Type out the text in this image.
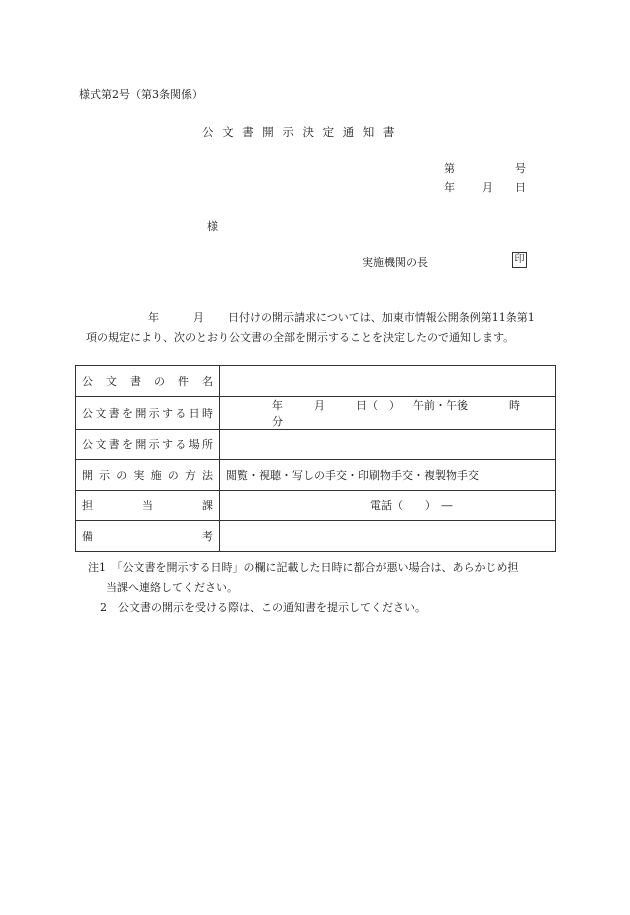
様式第2号（第3条関係）
公文書開示決定通知書
第	号
年 月 日
様
実施機関の長	印
年	月 日付けの開示請求については、加東市情報公開条例第11条第1
項の規定により、次のとおり公文書の全部を開示することを決定したので通知します。
公文書の件名	

公文書を開示する日時	年 月 日（　） 午前・午後 時  分

公文書を開示する場所	

開示の実施の方法	閲覧・視聴・写しの手交・印刷物手交・複製物手交

担当課	電話（　　）　―

備考	

注1　「公文書を開示する日時」の欄に記載した日時に都合が悪い場合は、あらかじめ担
当課へ連絡してください。
2　公文書の開示を受ける際は、この通知書を提示してください。
